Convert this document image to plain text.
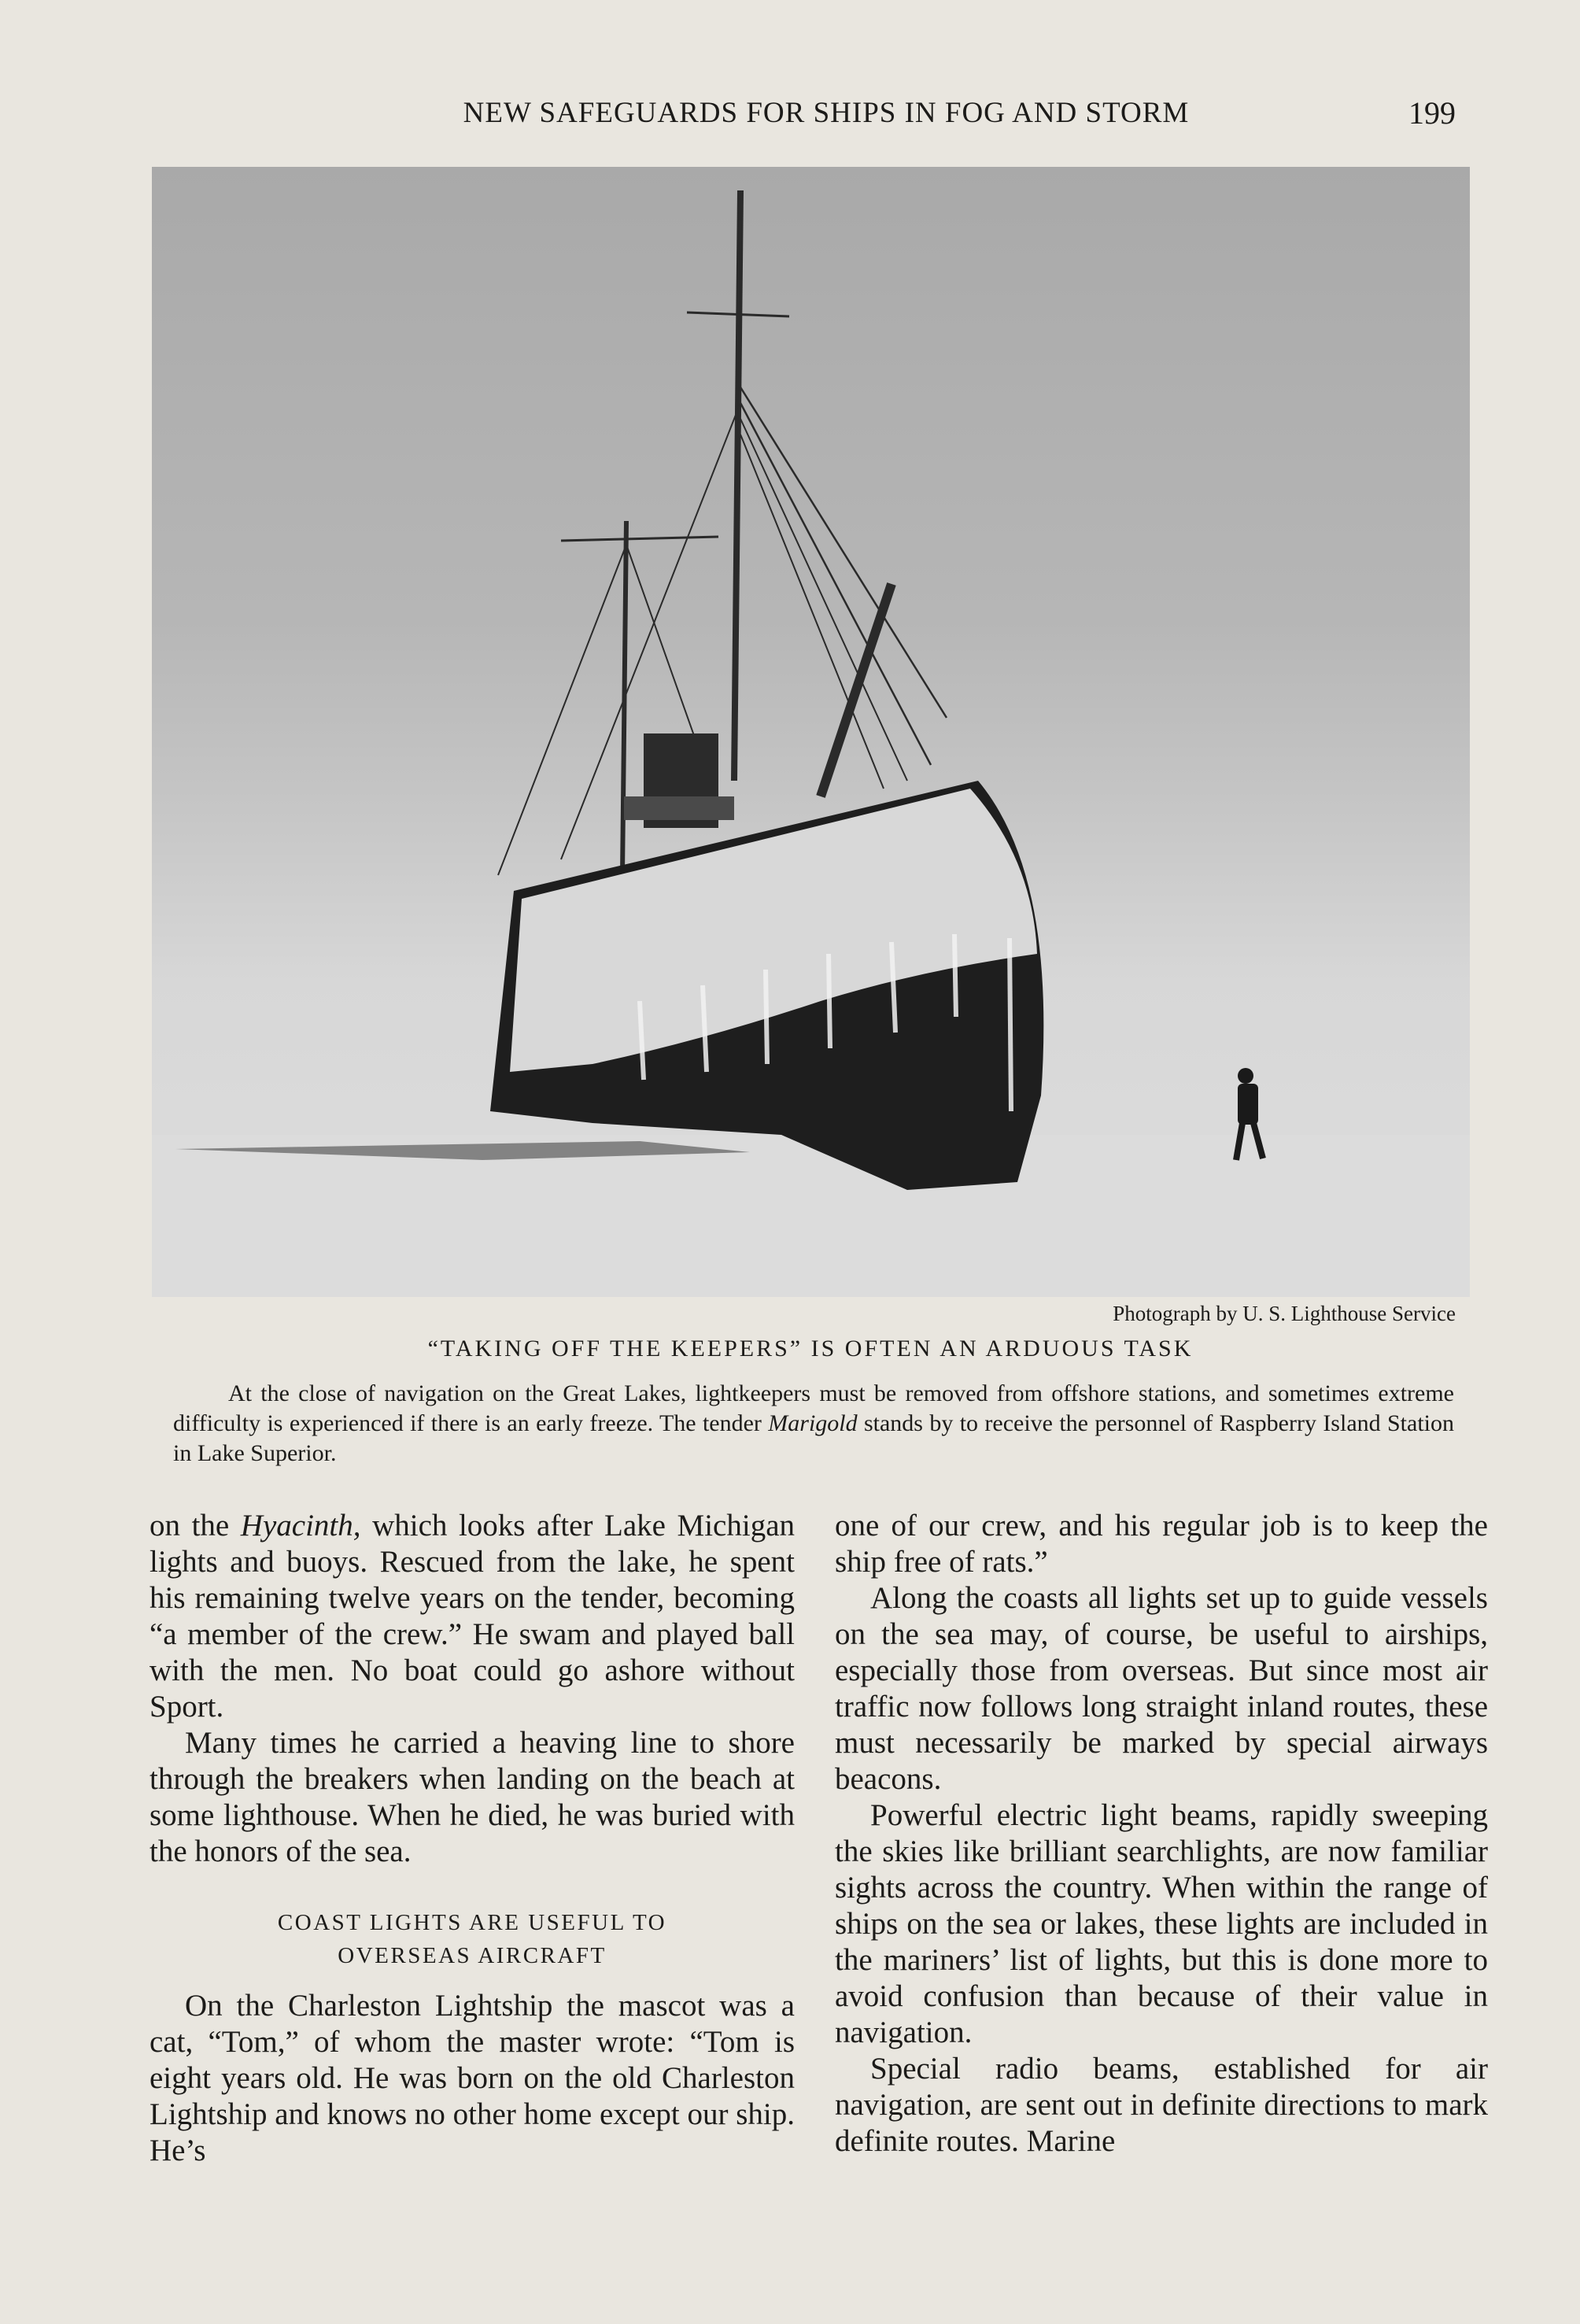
NEW SAFEGUARDS FOR SHIPS IN FOG AND STORM	199
Photograph by U. S. Lighthouse Service
“TAKING OFF THE KEEPERS” IS OFTEN AN ARDUOUS TASK
At the close of navigation on the Great Lakes, lightkeepers must be removed from offshore stations, and sometimes extreme difficulty is experienced if there is an early freeze. The tender Marigold stands by to receive the personnel of Raspberry Island Station in Lake Superior.

on the Hyacinth, which looks after Lake Michigan lights and buoys. Rescued from the lake, he spent his remaining twelve years on the tender, becoming “a member of the crew.” He swam and played ball with the men. No boat could go ashore without Sport.

Many times he carried a heaving line to shore through the breakers when landing on the beach at some lighthouse. When he died, he was buried with the honors of the sea.

COAST LIGHTS ARE USEFUL TO
OVERSEAS AIRCRAFT

On the Charleston Lightship the mascot was a cat, “Tom,” of whom the master wrote: “Tom is eight years old. He was born on the old Charleston Lightship and knows no other home except our ship. He’s

one of our crew, and his regular job is to keep the ship free of rats.”

Along the coasts all lights set up to guide vessels on the sea may, of course, be useful to airships, especially those from overseas. But since most air traffic now follows long straight inland routes, these must necessarily be marked by special airways beacons.

Powerful electric light beams, rapidly sweeping the skies like brilliant searchlights, are now familiar sights across the country. When within the range of ships on the sea or lakes, these lights are included in the mariners’ list of lights, but this is done more to avoid confusion than because of their value in navigation.

Special radio beams, established for air navigation, are sent out in definite directions to mark definite routes. Marine
